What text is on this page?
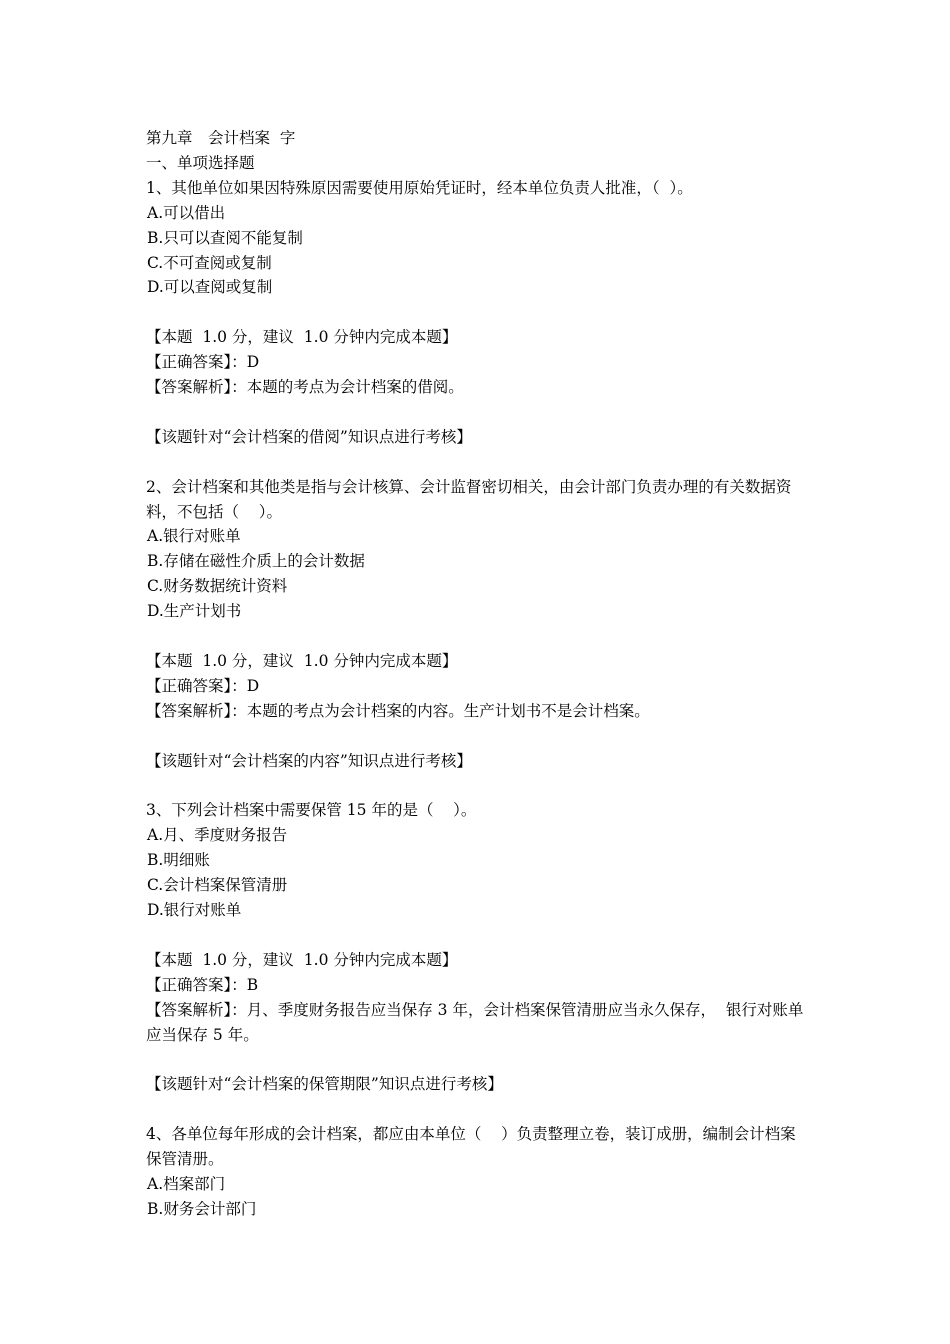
第九章　会计档案  字
一、单项选择题
1、其他单位如果因特殊原因需要使用原始凭证时，经本单位负责人批准，（  ）。
A.可以借出
B.只可以查阅不能复制
C.不可查阅或复制
D.可以查阅或复制
【本题  1.0 分，建议  1.0 分钟内完成本题】
【正确答案】：D
【答案解析】：本题的考点为会计档案的借阅。
【该题针对“会计档案的借阅”知识点进行考核】
2、会计档案和其他类是指与会计核算、会计监督密切相关，由会计部门负责办理的有关数据资料，不包括（    ）。
A.银行对账单
B.存储在磁性介质上的会计数据
C.财务数据统计资料
D.生产计划书
【本题  1.0 分，建议  1.0 分钟内完成本题】
【正确答案】：D
【答案解析】：本题的考点为会计档案的内容。生产计划书不是会计档案。
【该题针对“会计档案的内容”知识点进行考核】
3、下列会计档案中需要保管 15 年的是（    ）。
A.月、季度财务报告
B.明细账
C.会计档案保管清册
D.银行对账单
【本题  1.0 分，建议  1.0 分钟内完成本题】
【正确答案】：B
【答案解析】：月、季度财务报告应当保存 3 年，会计档案保管清册应当永久保存，  银行对账单应当保存 5 年。
【该题针对“会计档案的保管期限”知识点进行考核】
4、各单位每年形成的会计档案，都应由本单位（    ）负责整理立卷，装订成册，编制会计档案保管清册。
A.档案部门
B.财务会计部门
